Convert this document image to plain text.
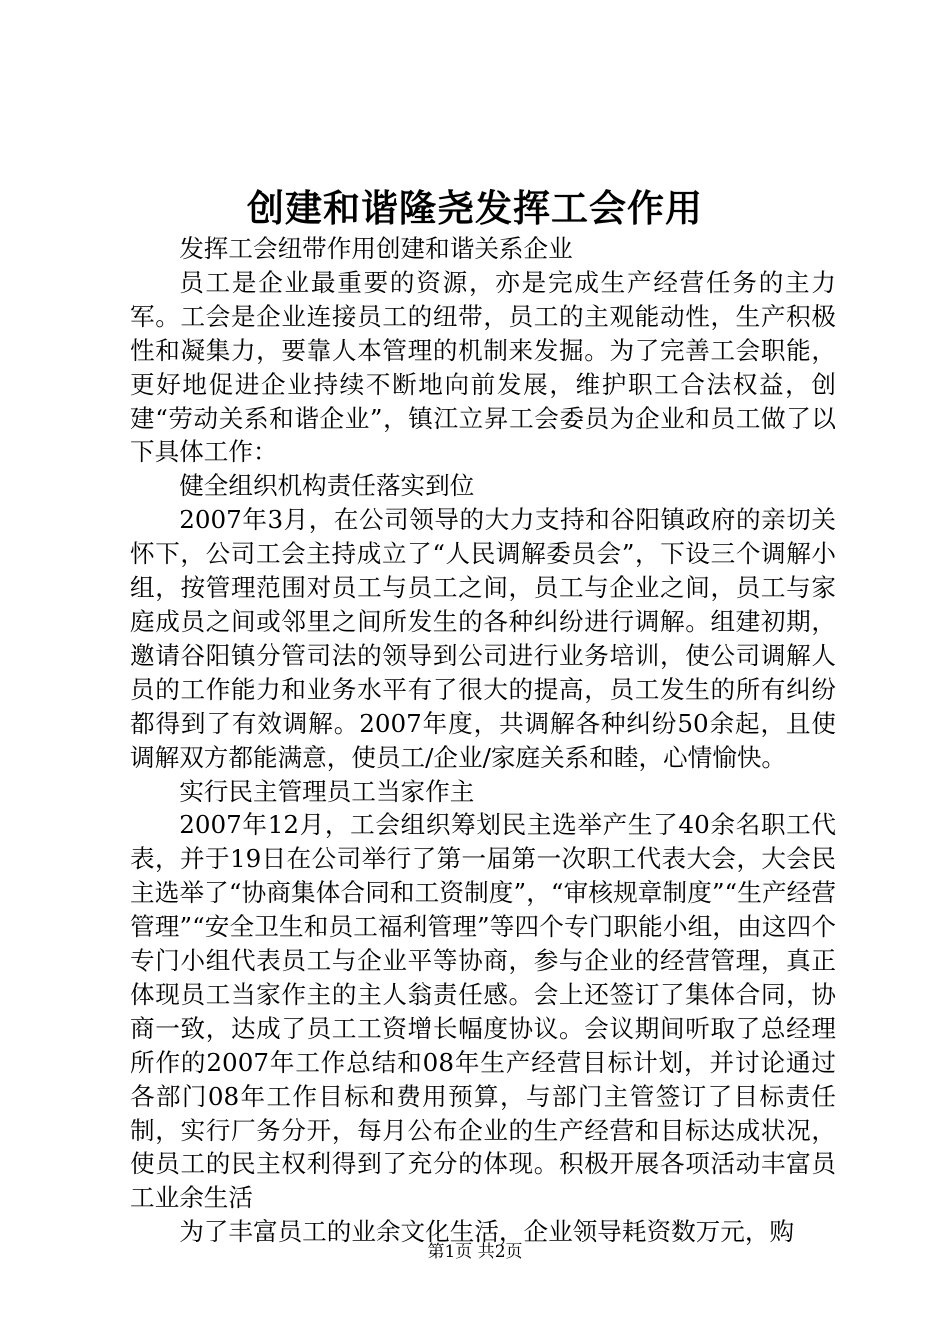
创建和谐隆尧发挥工会作用

发挥工会纽带作用创建和谐关系企业

员工是企业最重要的资源，亦是完成生产经营任务的主力军。工会是企业连接员工的纽带，员工的主观能动性，生产积极性和凝集力，要靠人本管理的机制来发掘。为了完善工会职能，更好地促进企业持续不断地向前发展，维护职工合法权益，创建“劳动关系和谐企业”，镇江立昇工会委员为企业和员工做了以下具体工作：

健全组织机构责任落实到位

2007年3月，在公司领导的大力支持和谷阳镇政府的亲切关怀下，公司工会主持成立了“人民调解委员会”，下设三个调解小组，按管理范围对员工与员工之间，员工与企业之间，员工与家庭成员之间或邻里之间所发生的各种纠纷进行调解。组建初期，邀请谷阳镇分管司法的领导到公司进行业务培训，使公司调解人员的工作能力和业务水平有了很大的提高，员工发生的所有纠纷都得到了有效调解。2007年度，共调解各种纠纷50余起，且使调解双方都能满意，使员工/企业/家庭关系和睦，心情愉快。

实行民主管理员工当家作主

2007年12月，工会组织筹划民主选举产生了40余名职工代表，并于19日在公司举行了第一届第一次职工代表大会，大会民主选举了“协商集体合同和工资制度”，“审核规章制度”“生产经营管理”“安全卫生和员工福利管理”等四个专门职能小组，由这四个专门小组代表员工与企业平等协商，参与企业的经营管理，真正体现员工当家作主的主人翁责任感。会上还签订了集体合同，协商一致，达成了员工工资增长幅度协议。会议期间听取了总经理所作的2007年工作总结和08年生产经营目标计划，并讨论通过各部门08年工作目标和费用预算，与部门主管签订了目标责任制，实行厂务分开，每月公布企业的生产经营和目标达成状况，使员工的民主权利得到了充分的体现。积极开展各项活动丰富员工业余生活

为了丰富员工的业余文化生活，企业领导耗资数万元，购

第1页 共2页
